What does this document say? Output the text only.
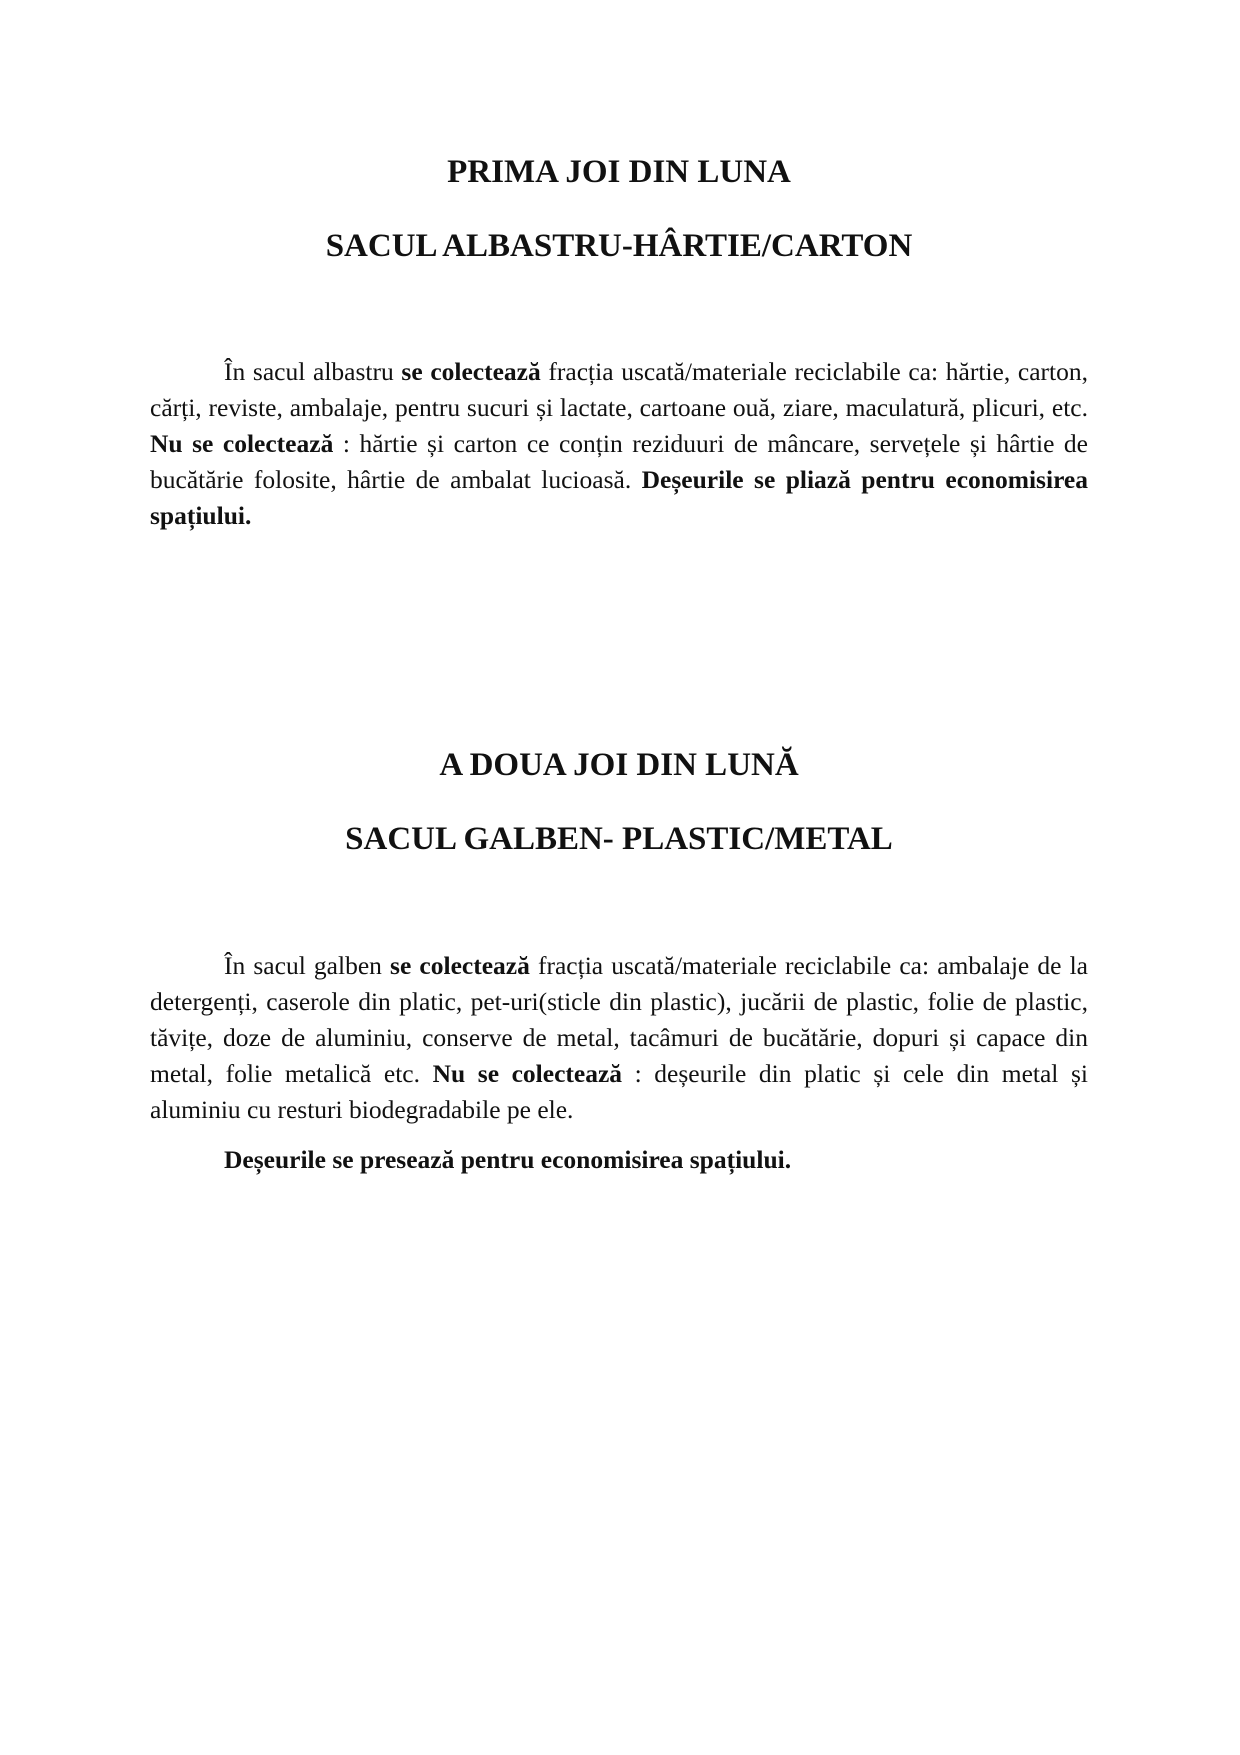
PRIMA JOI DIN LUNA
SACUL ALBASTRU-HÂRTIE/CARTON

În sacul albastru se colectează fracția uscată/materiale reciclabile ca: hărtie, carton, cărți, reviste, ambalaje, pentru sucuri și lactate, cartoane ouă, ziare, maculatură, plicuri, etc. Nu se colectează : hărtie și carton ce conțin reziduuri de mâncare, servețele și hârtie de bucătărie folosite, hârtie de ambalat lucioasă. Deșeurile se pliază pentru economisirea spațiului.

A DOUA JOI DIN LUNĂ
SACUL GALBEN- PLASTIC/METAL

În sacul galben se colectează fracția uscată/materiale reciclabile ca: ambalaje de la detergenți, caserole din platic, pet-uri(sticle din plastic), jucării de plastic, folie de plastic, tăvițe, doze de aluminiu, conserve de metal, tacâmuri de bucătărie, dopuri și capace din metal, folie metalică etc. Nu se colectează : deșeurile din platic și cele din metal și aluminiu cu resturi biodegradabile pe ele.

Deșeurile se presează pentru economisirea spațiului.
